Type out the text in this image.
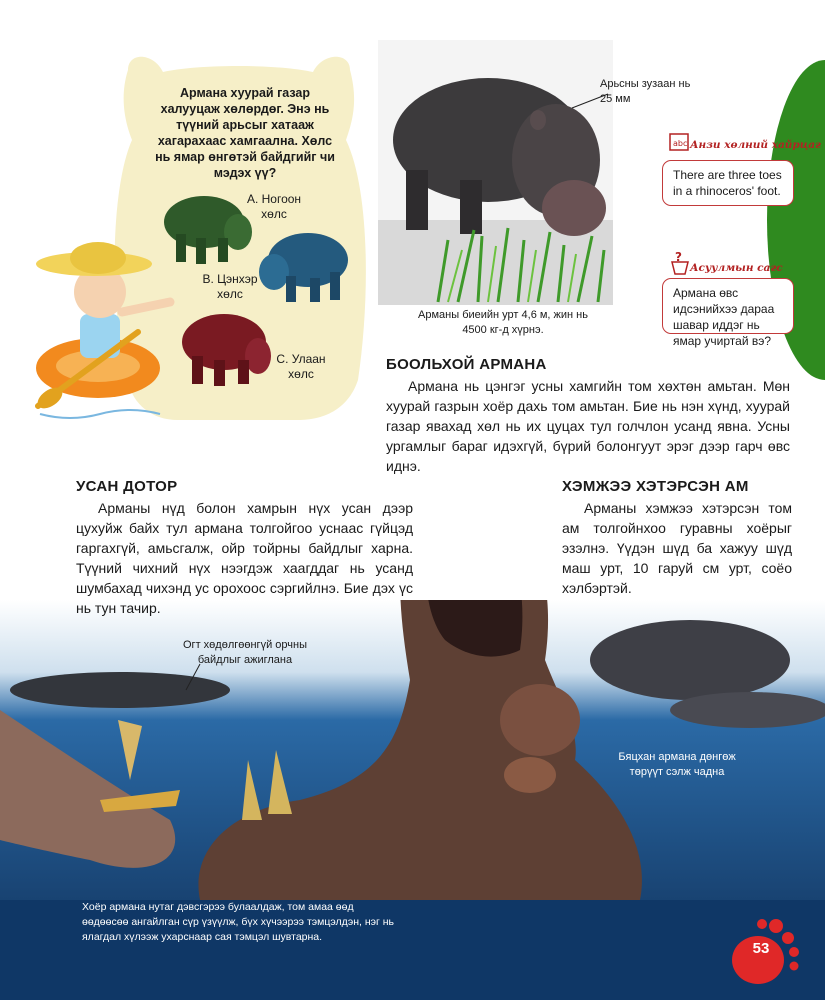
Армана хуурай газар халууцаж хөлөрдөг. Энэ нь түүний арьсыг хатааж хагарахаас хамгаална. Хөлс нь ямар өнгөтэй байдгийг чи мэдэх үү?
А. Ногоон хөлс
В. Цэнхэр хөлс
С. Улаан хөлс
Арьсны зузаан нь 25 мм
Арманы биеийн урт 4,6 м, жин нь 4500 кг-д хүрнэ.
abc Анзи хөлний хайрцаг
There are three toes in a rhinoceros' foot.
?
Асуулмын сагс
Армана өвс идсэнийхээ дараа шавар иддэг нь ямар учиртай вэ?
БООЛЬХОЙ АРМАНА

Армана нь цэнгэг усны хамгийн том хөхтөн амьтан. Мөн хуурай газрын хоёр дахь том амьтан. Бие нь нэн хүнд, хуурай газар явахад хөл нь их цуцах тул голчлон усанд явна. Усны ургамлыг бараг идэхгүй, бүрий болонгуут эрэг дээр гарч өвс иднэ.

Огт хөдөлгөөнгүй орчны байдлыг ажиглана
Бяцхан армана дөнгөж төрүүт сэлж чадна
Хоёр армана нутаг дэвсгэрээ булаалдаж, том амаа өөд өөдөөсөө ангайлган сүр үзүүлж, бүх хүчээрээ тэмцэлдэн, нэг нь ялагдал хүлээж ухарснаар сая тэмцэл шувтарна.
УСАН ДОТОР

Арманы нүд болон хамрын нүх усан дээр цухуйж байх тул армана толгойгоо уснаас гүйцэд гаргахгүй, амьсгалж, ойр тойрны байдлыг харна. Түүний чихний нүх нээгдэж хаагддаг нь усанд шумбахад чихэнд ус орохоос сэргийлнэ. Бие дэх үс нь тун тачир.

ХЭМЖЭЭ ХЭТЭРСЭН АМ

Арманы хэмжээ хэтэрсэн том ам толгойнхоо гуравны хоёрыг эзэлнэ. Үүдэн шүд ба хажуу шүд маш урт, 10 гаруй см урт, соёо хэлбэртэй.

53
